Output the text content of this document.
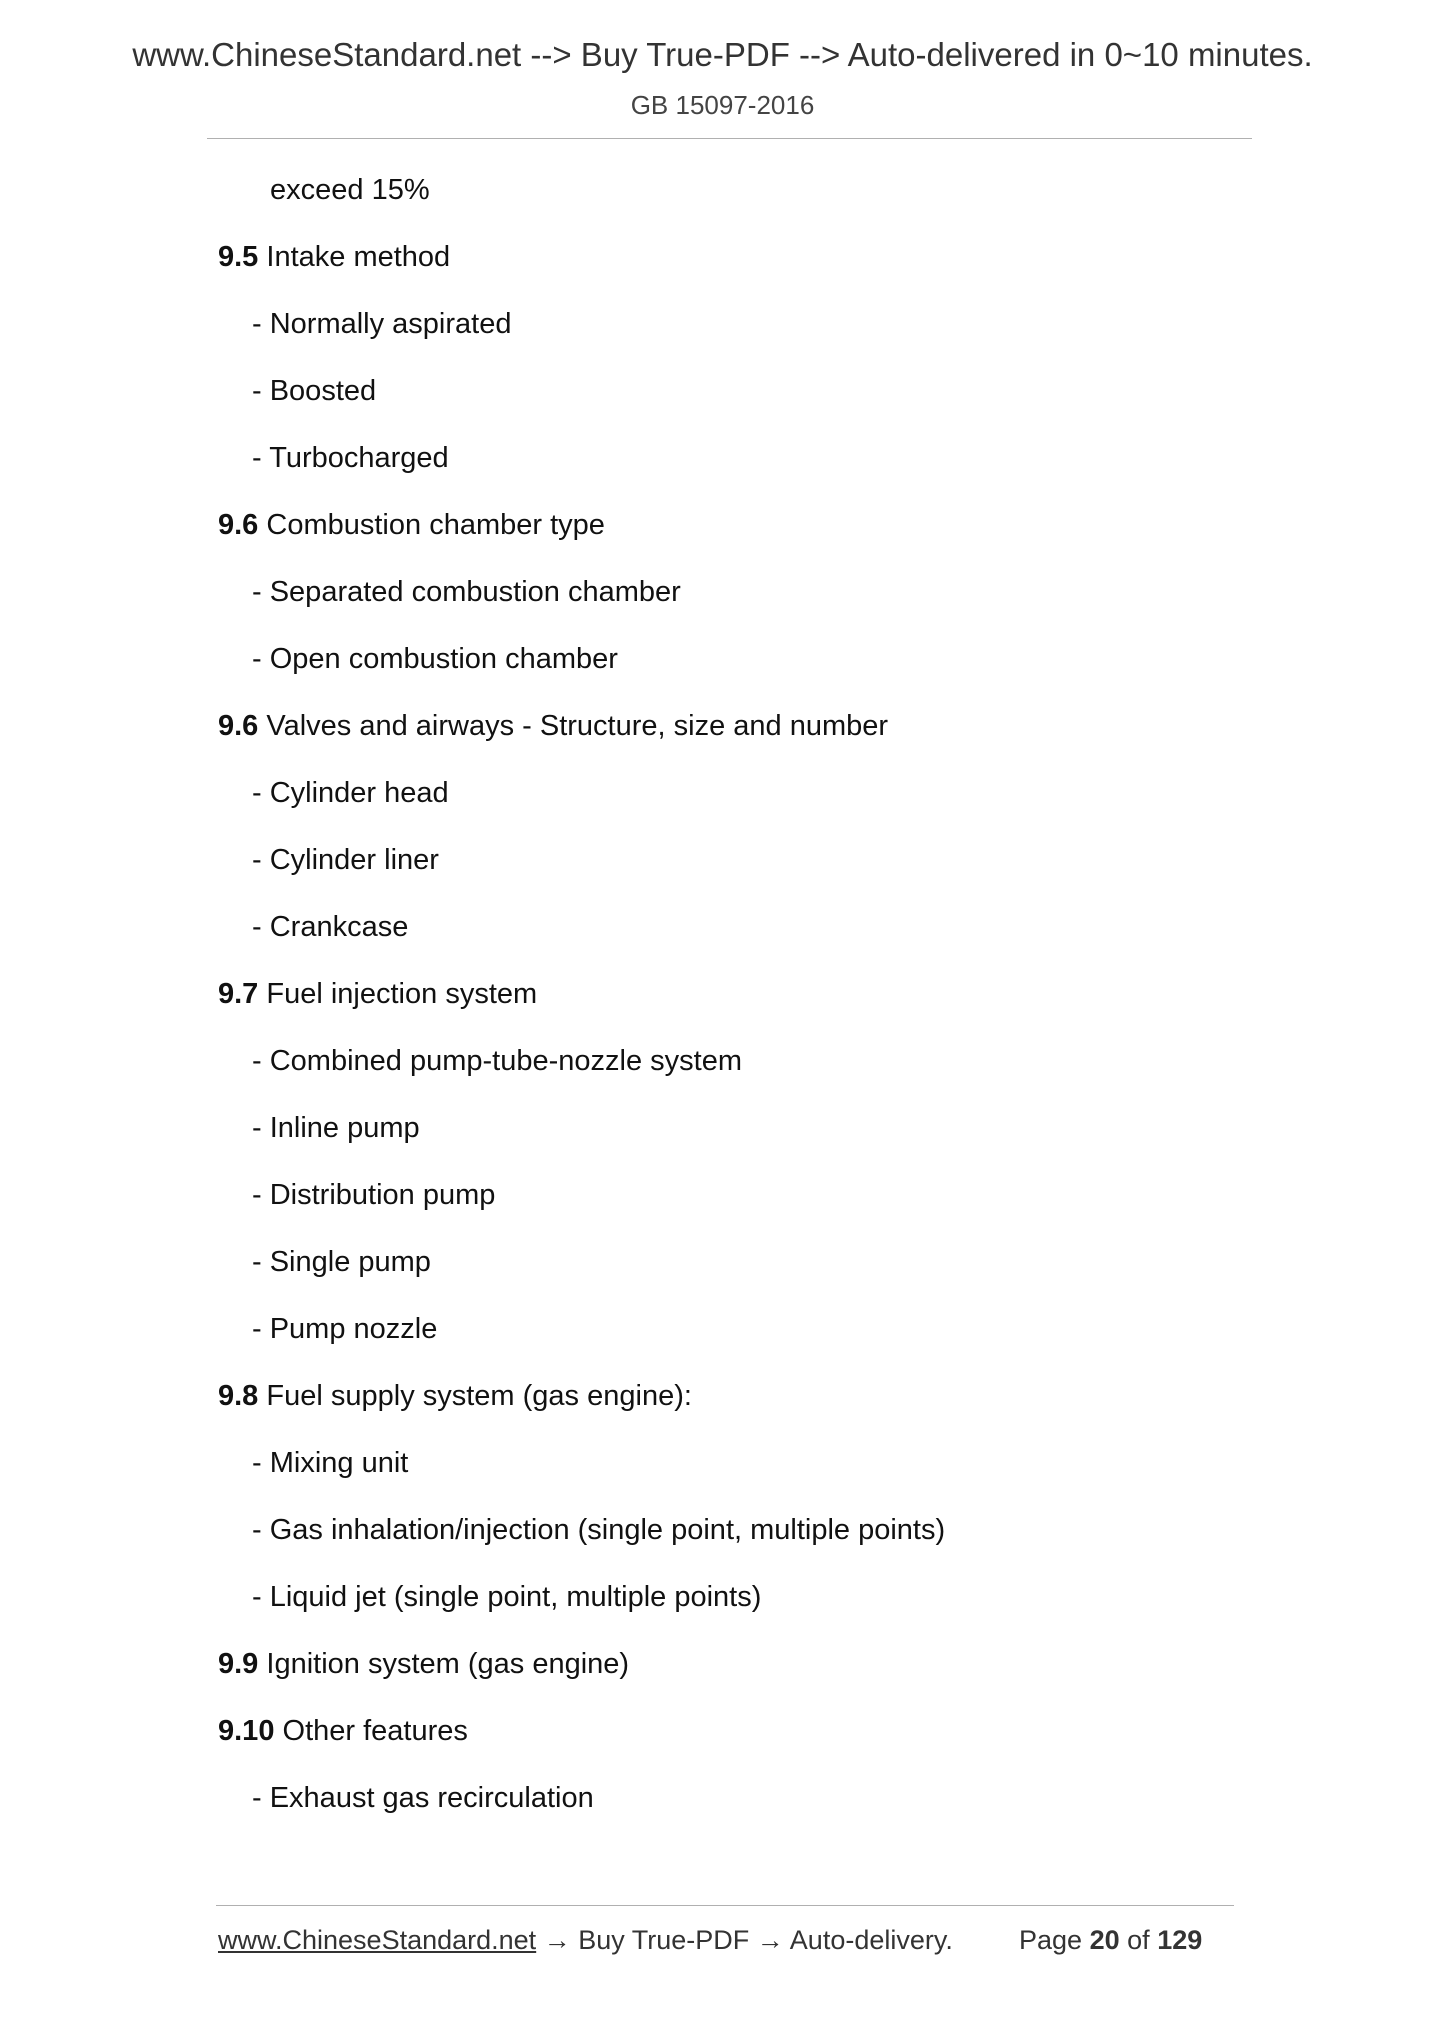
www.ChineseStandard.net --> Buy True-PDF --> Auto-delivered in 0~10 minutes.
GB 15097-2016
exceed 15%
9.5 Intake method
- Normally aspirated
- Boosted
- Turbocharged
9.6 Combustion chamber type
- Separated combustion chamber
- Open combustion chamber
9.6 Valves and airways - Structure, size and number
- Cylinder head
- Cylinder liner
- Crankcase
9.7 Fuel injection system
- Combined pump-tube-nozzle system
- Inline pump
- Distribution pump
- Single pump
- Pump nozzle
9.8 Fuel supply system (gas engine):
- Mixing unit
- Gas inhalation/injection (single point, multiple points)
- Liquid jet (single point, multiple points)
9.9 Ignition system (gas engine)
9.10 Other features
- Exhaust gas recirculation
www.ChineseStandard.net → Buy True-PDF → Auto-delivery. Page 20 of 129
